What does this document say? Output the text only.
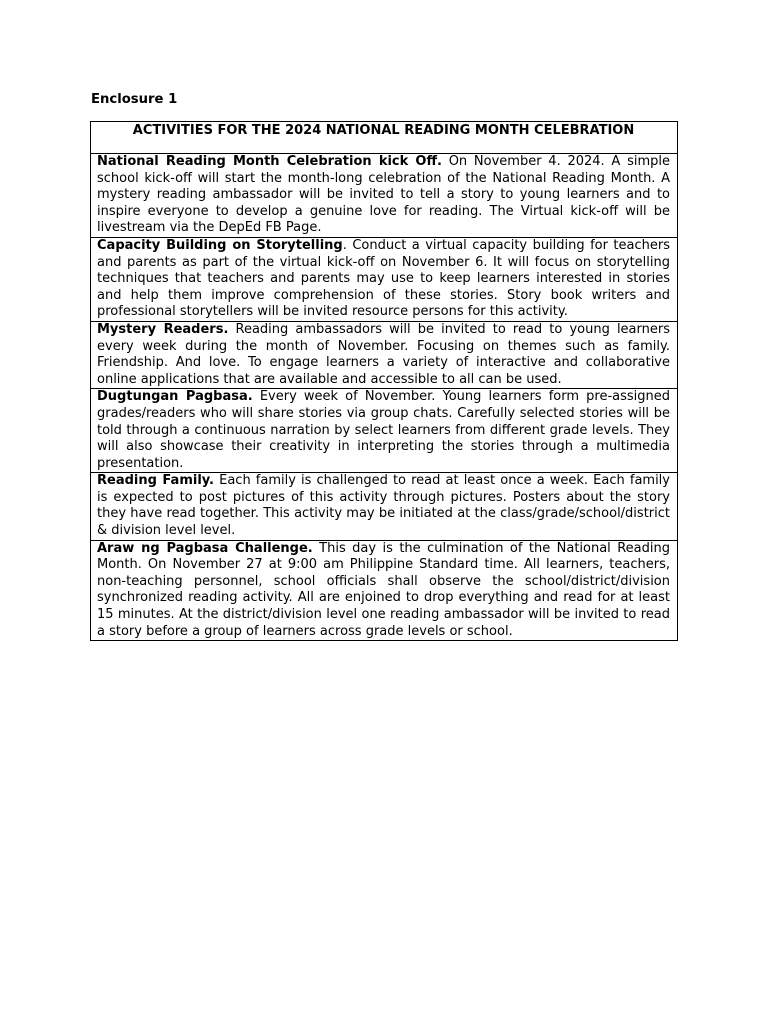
Enclosure 1
ACTIVITIES FOR THE 2024 NATIONAL READING MONTH CELEBRATION
National Reading Month Celebration kick Off. On November 4. 2024. A simple school kick-off will start the month-long celebration of the National Reading Month. A mystery reading ambassador will be invited to tell a story to young learners and to inspire everyone to develop a genuine love for reading. The Virtual kick-off will be livestream via the DepEd FB Page.
Capacity Building on Storytelling. Conduct a virtual capacity building for teachers and parents as part of the virtual kick-off on November 6. It will focus on storytelling techniques that teachers and parents may use to keep learners interested in stories and help them improve comprehension of these stories. Story book writers and professional storytellers will be invited resource persons for this activity.
Mystery Readers. Reading ambassadors will be invited to read to young learners every week during the month of November. Focusing on themes such as family. Friendship. And love. To engage learners a variety of interactive and collaborative online applications that are available and accessible to all can be used.
Dugtungan Pagbasa. Every week of November. Young learners form pre-assigned grades/readers who will share stories via group chats. Carefully selected stories will be told through a continuous narration by select learners from different grade levels. They will also showcase their creativity in interpreting the stories through a multimedia presentation.
Reading Family. Each family is challenged to read at least once a week. Each family is expected to post pictures of this activity through pictures. Posters about the story they have read together. This activity may be initiated at the class/grade/school/district & division level level.
Araw ng Pagbasa Challenge. This day is the culmination of the National Reading Month. On November 27 at 9:00 am Philippine Standard time. All learners, teachers, non-teaching personnel, school officials shall observe the school/district/division synchronized reading activity. All are enjoined to drop everything and read for at least 15 minutes. At the district/division level one reading ambassador will be invited to read a story before a group of learners across grade levels or school.
